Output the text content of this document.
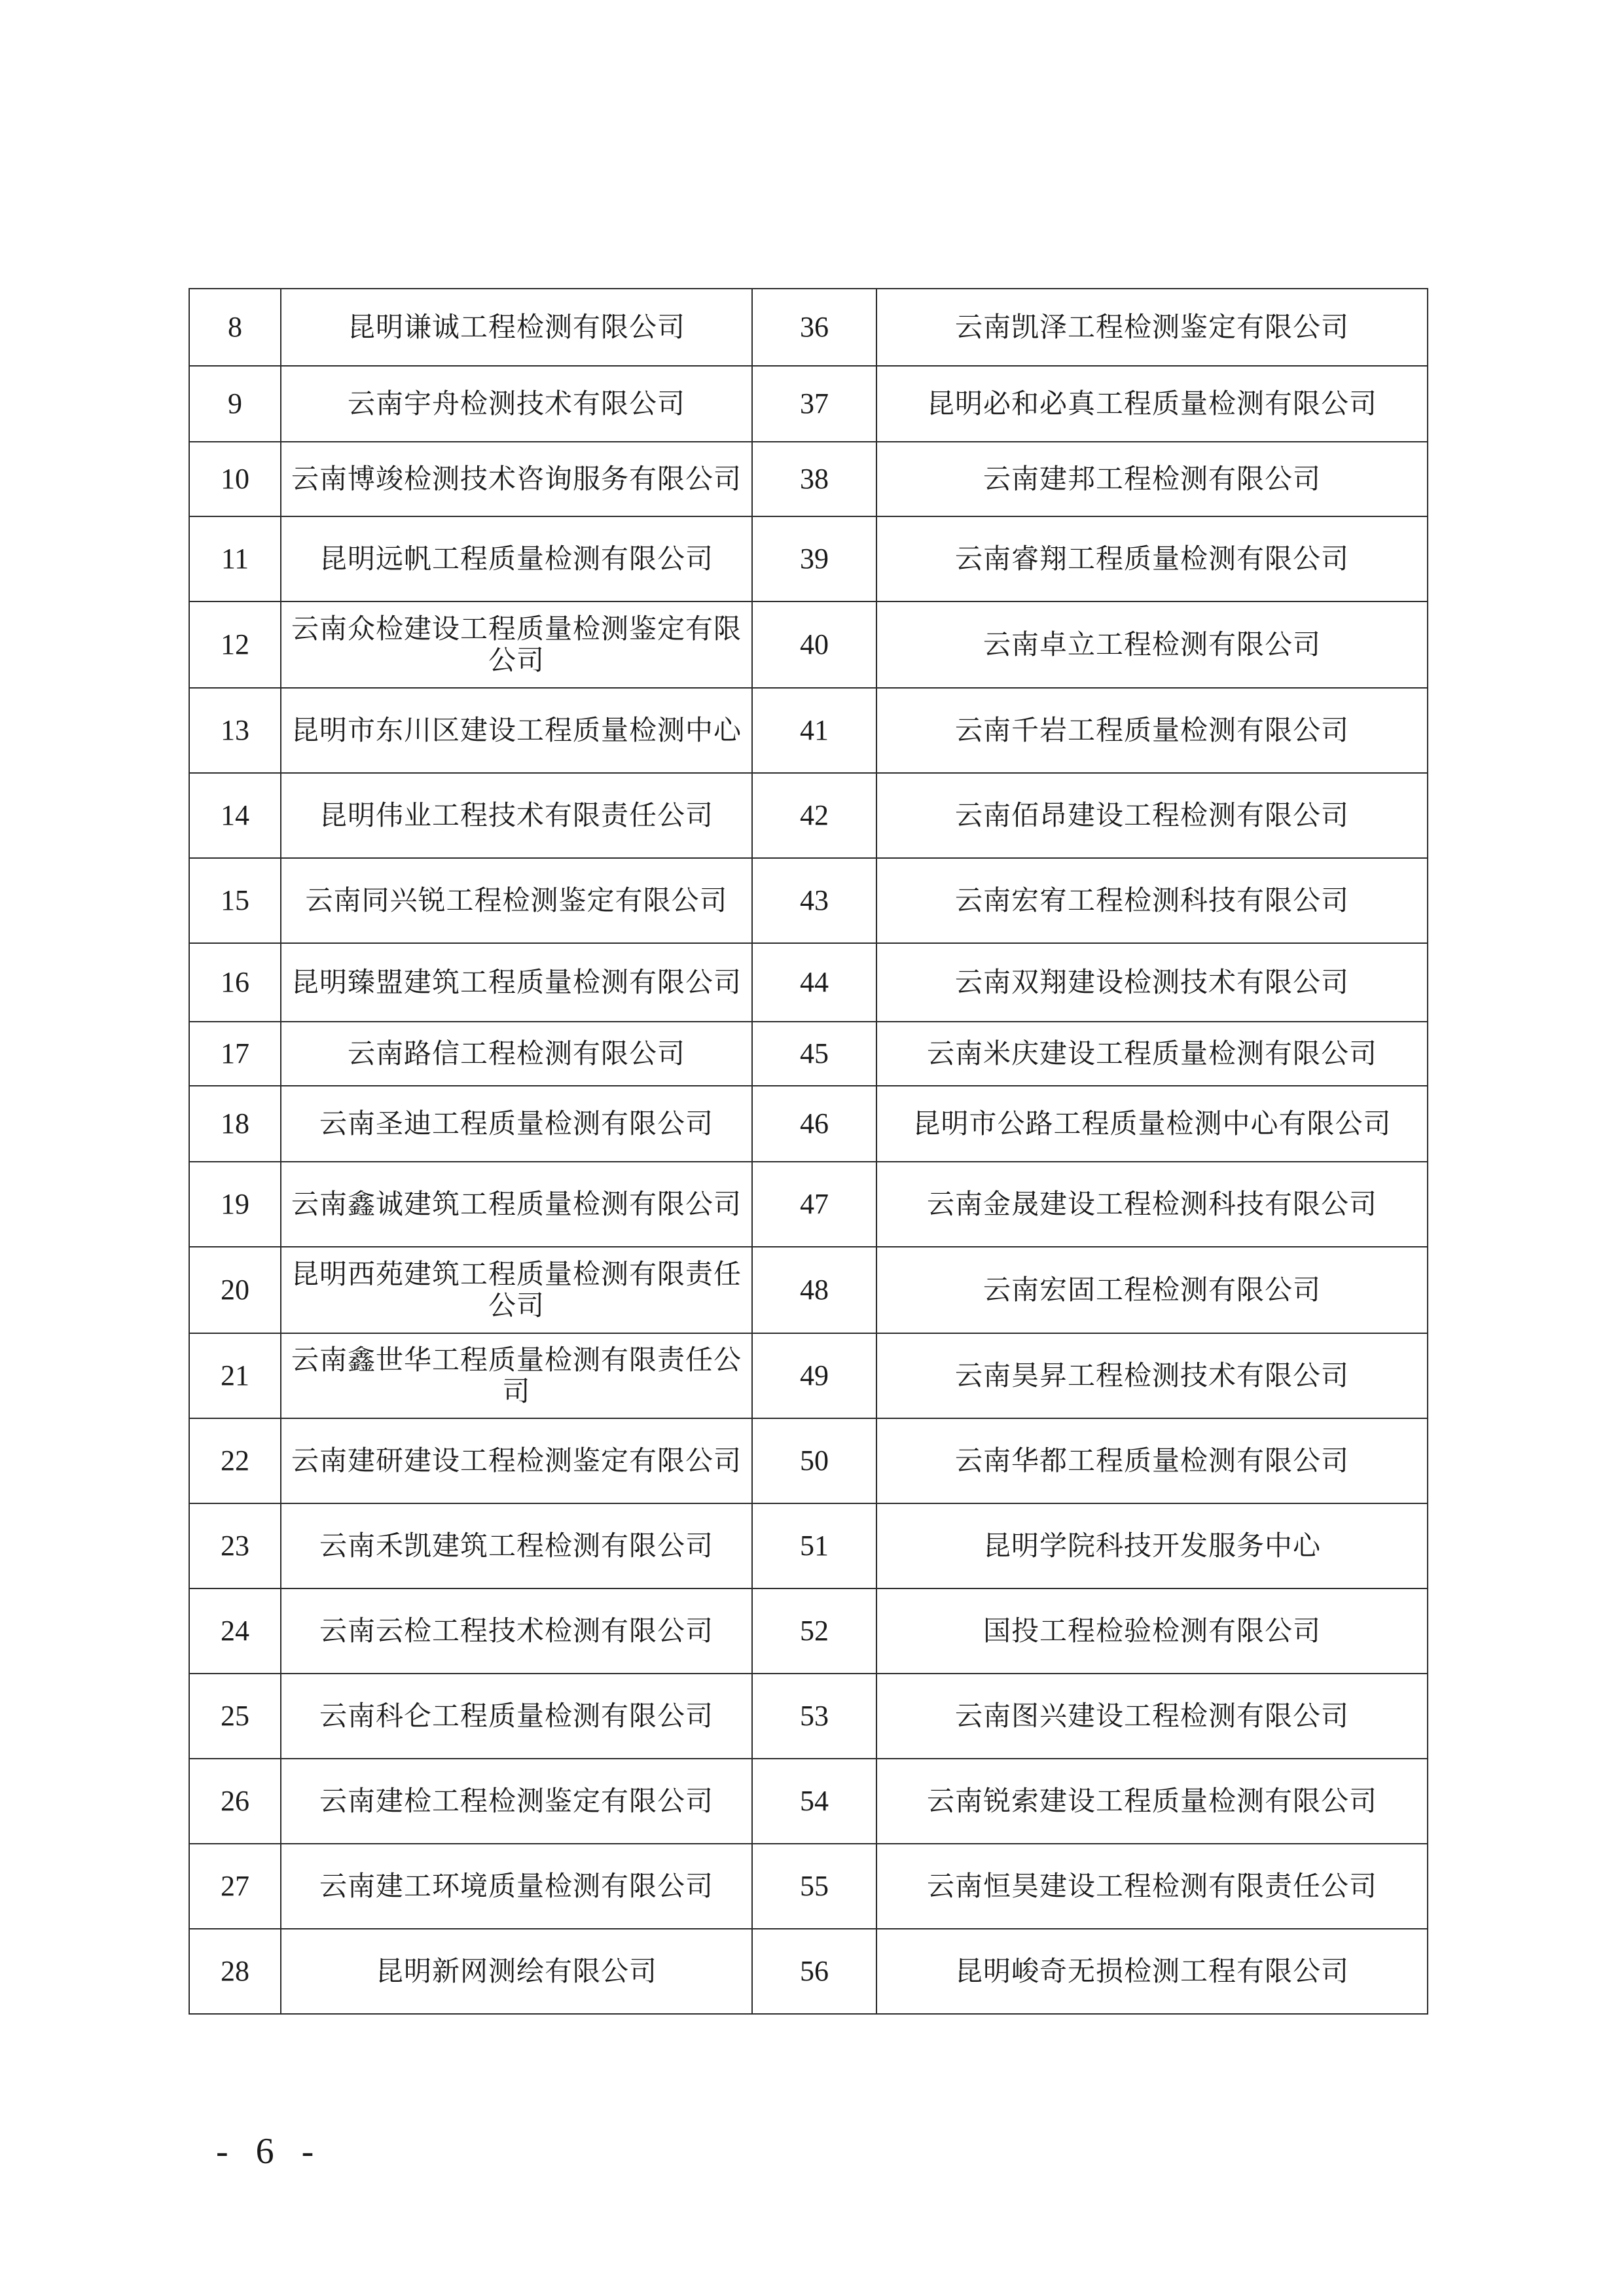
8	昆明谦诚工程检测有限公司	36	云南凯泽工程检测鉴定有限公司
9	云南宇舟检测技术有限公司	37	昆明必和必真工程质量检测有限公司
10	云南博竣检测技术咨询服务有限公司	38	云南建邦工程检测有限公司
11	昆明远帆工程质量检测有限公司	39	云南睿翔工程质量检测有限公司
12	云南众检建设工程质量检测鉴定有限公司	40	云南卓立工程检测有限公司
13	昆明市东川区建设工程质量检测中心	41	云南千岩工程质量检测有限公司
14	昆明伟业工程技术有限责任公司	42	云南佰昂建设工程检测有限公司
15	云南同兴锐工程检测鉴定有限公司	43	云南宏宥工程检测科技有限公司
16	昆明臻盟建筑工程质量检测有限公司	44	云南双翔建设检测技术有限公司
17	云南路信工程检测有限公司	45	云南米庆建设工程质量检测有限公司
18	云南圣迪工程质量检测有限公司	46	昆明市公路工程质量检测中心有限公司
19	云南鑫诚建筑工程质量检测有限公司	47	云南金晟建设工程检测科技有限公司
20	昆明西苑建筑工程质量检测有限责任公司	48	云南宏固工程检测有限公司
21	云南鑫世华工程质量检测有限责任公司	49	云南昊昇工程检测技术有限公司
22	云南建研建设工程检测鉴定有限公司	50	云南华都工程质量检测有限公司
23	云南禾凯建筑工程检测有限公司	51	昆明学院科技开发服务中心
24	云南云检工程技术检测有限公司	52	国投工程检验检测有限公司
25	云南科仑工程质量检测有限公司	53	云南图兴建设工程检测有限公司
26	云南建检工程检测鉴定有限公司	54	云南锐索建设工程质量检测有限公司
27	云南建工环境质量检测有限公司	55	云南恒昊建设工程检测有限责任公司
28	昆明新网测绘有限公司	56	昆明峻奇无损检测工程有限公司
- 6 -
